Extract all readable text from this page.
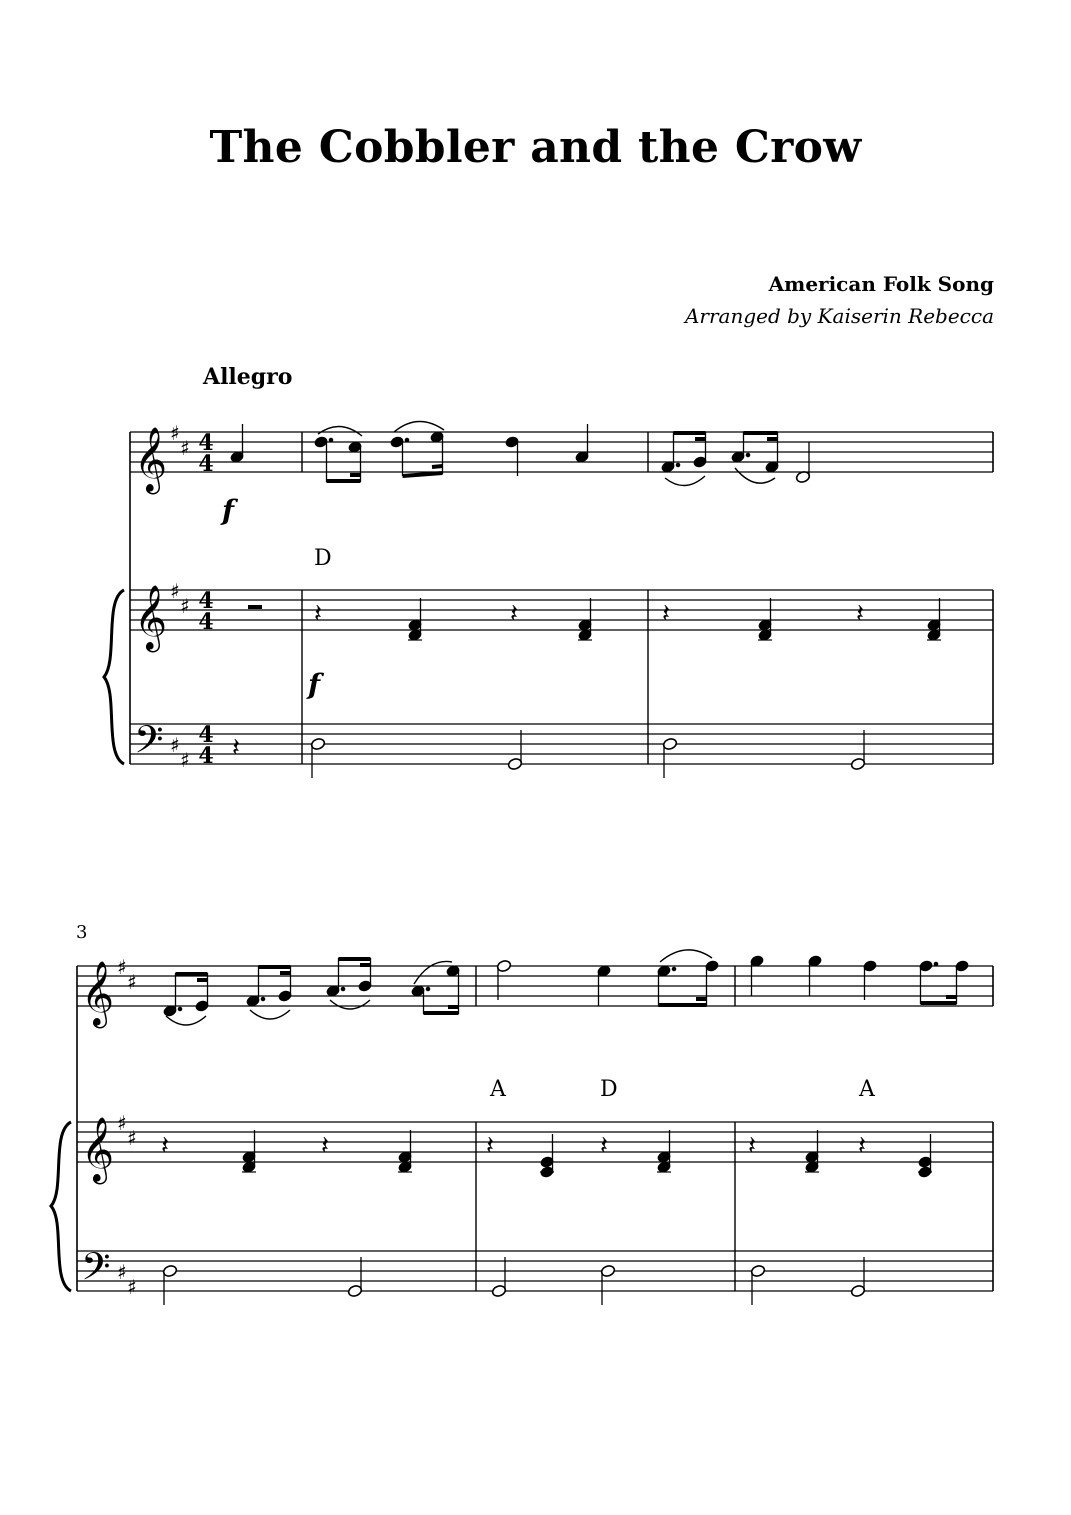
The Cobbler and the Crow
American Folk Song
Arranged by Kaiserin Rebecca
Allegro
𝄞
𝄞
𝄢
♯
♯
♯
♯
♯
♯
4
4
4
4
4
4
f
f
D
𝄽	𝄽	𝄽	𝄽
𝄽
3
𝄞
𝄞
𝄢
♯
♯
♯
♯
♯
♯
A	D	A
𝄽	𝄽	𝄽	𝄽	𝄽	𝄽
